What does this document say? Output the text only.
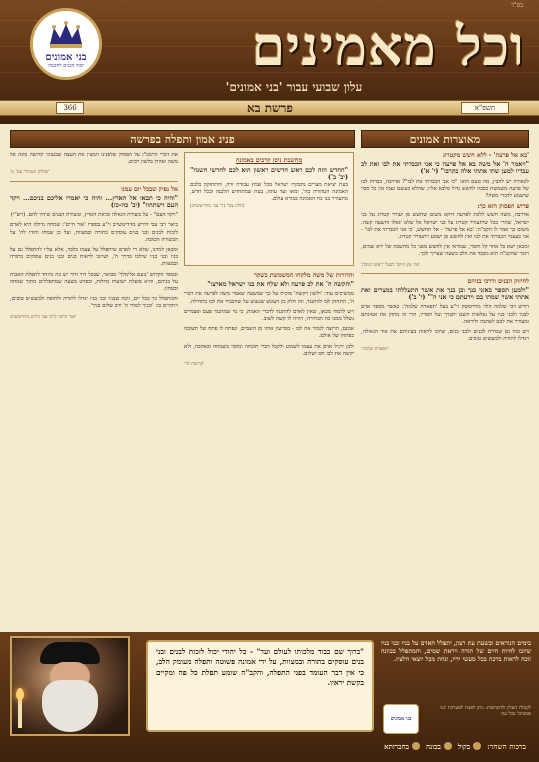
בס"ד
וכל מאמינים
עלון שבועי עבור 'בני אמונים'
בני אמונים
יסוד הבנים לחכמה
פרשת בא
366	תשפ"א
מאוצרות אמונים
פנינ אמון ותפלה בפרשה
'בא אל פרעה' - ללא חשש מקטרוג

"ויאמר ה' אל משה בא אל פרעה כי אני הכבדתי את לבו ואת לב עבדיו למען שתי אתתי אלה בקרבו" (י' א')

לכאורה יש להבין, מה טעם הוא: "כי אני הכבדתי את לבו"? אדרבה, כבדות לבו של פרעה משמשת כסבה לחשש גדול מלבא אליו, שהלא כעוצם זעמו אין כל סכוי שישמע לדברי משה?

פרוש הפסוק הוא כך:

אדרבה, משה חשש ללכת לפרעה דוקא משום שחשש פן יעורר קטרוג על בני ישראל, שהרי ככל שיתעורר קטרוג על בני ישראל אל שלא יגאלו והשעה קשה. משום כך אמר לו הקב"ה: 'בא אל פרעה' - אל תחשש, 'כי אני הכבדתי את לבו' - אני בעצמי הכבדתי את לבו ואין לחשש פן ישמע ויתעורר קטרוג.

ומכאן ישא כל אחד קל וחמר, שבודאי אין לחשש מפני כל מחשבה של ירא שמים, ויזכר שהקב"ה הוא מכבד את הלב בשעה שצריך לכך.

'פרי עץ חיים' לבעל 'ראש ישיבה'
לחיזוק הבנים ודרכי בניהם

"ולמען תספר באזני בנך ובן בנך את אשר התעללתי במצרים ואת אתתי אשר שמתי בם וידעתם כי אני ה'" (י' ב')

דורש רבי שלמה הלוי מרדומסק זי"ע בעל 'תפארת שלמה': כאשר מספר אדם לבניו ולבני בניו על נפלאות השם יתברך ועל חסדיו, הרי זה מחזק את אמונתם ומעורר את לבם לאהבה וליראה.

ויש בזה גם שמירה לבנים ולבני בנים, שיזכו לראות בעיניהם את אור הגאולה, ויגדלו לתורה ולמעשים טובים.

'תפארת שלמה'
מחשבת ניסן קרבים באמונה

"החדש הזה לכם ראש חדשים ראשון הוא לכם לחדשי השנה" (יב' ב')

בעת יציאת מצרים נתבקרו ישראל מכל שמץ עבודה זרה, והתחזקה בלבם האמונה הטהורה בה', ומאז ועד עתה, בעת שמתחדש הלבנה ובכל חדש, מתעורר בנו כח האמונה בבורא עולם.

'נחלת צבי' (ר' צבי מזידיטשויב)
והדורות של משה מלקחו המשמשת כשקר

"והקשה ה' את לב פרעה ולא שלח את בני ישראל מארצו"

ממשיכים עוד: 'ולשון ויקשה' מוכיח על כך שבשעה שאמר משה לפרעה את דברי ה', התחזק לבו להתנגד, וזה חלק מן העונש שנענש על שהכביד את לבו בתחילה.

ויש ללמוד מכאן, שאין לאדם להתנגד לדברי האמת, כי מי שמתנגד פעם ופעמיים נשלל ממנו כח הבחירה, ויהיה לו קשה לשוב.

אמנם, הרוצה לטהר את לבו - מסייעין אותו מן השמים, ונפתח לו פתח של תשובה כפתחו של אולם.

ולכן ירגיל אדם את עצמו לשמוע ולקבל דברי תוכחה ומוסר בשמחה ובאהבה, ולא יקשה את לבו חס ושלום.

'קדושת לוי'

את דברי הרמב"ן על הפסוק שלפנינו המצין את העצה שבעניני קדושה סוגה אל משה ואהרן בלשון רבים.

'שולחן הטהור' עמ' ט'
אל נפיק שבכל יום עמנו

"והיה כי תבאו אל הארץ... והיה כי יאמרו אליכם בניכם... ויקד העם וישתחוו" (יב' כה-כז)

"ויקד העם" - על בשורת הגאלה וביאת הארץ, ובשורת הבנים שיהיו להם. (רש"י)

ביאר רבי צבי הירש מזידיטשויב זי"ע בספרו 'אור חיים': שמחה גדולה היא לאדם לזכות לבנים ובני בנים עוסקים בתורה ובמצוות, ועל כן שמחו והודו לה' על הבשורה הטובה.

ומכאן למדנו, שלא די לאדם שיתפלל על עצמו בלבד, אלא עליו להתפלל גם על בניו ובני בניו שילכו בדרך ה', ושיזכו לראות בנים ובני בנים עוסקים בתורה ובמצוות.

ובספר הקדוש 'נועם אלימלך' מבואר, שבכל דור ודור יש כח מיוחד לתפלת האבות על בניהם, והיא פועלת ישועות גדולות, ובפרט בשעה שמתפללים מתוך שמחה ובטחון.

והמתפלל כך בכל יום, זוכה שבניו ובני בניו יגדלו לתורה ולחופה ולמעשים טובים, ויתקיים בו: 'ובניך למודי ה' ורב שלום בניך'.

'אור חיים' לרבי צבי הירש מזידיטשויב
"ברוך שם כבוד מלכותו לעולם ועד" - כל יהודי יכול לזכות לבנים ובני בנים עוסקים בתורה ובמצוות, על ידי אמונה פשוטה ותפלה מעומק הלב, כי אין דבר העומד בפני התפלה, והקב"ה שומע תפלת כל פה ומקיים בקשת יראיו.
בימים הנוראים ובשעת עת רצון, יתפלל האדם על בניו ובני בניו שיזכו לחיות חיים של תורה ויראת שמים, והמתפלל בכוונה זוכה לראות ברכה בכל מעשי ידיו, ונחת מכל יוצאי חלציו.
בני אמונים
לקבלת העלון ולהקדשות: ניתן לפנות למערכת 'בני אמונים' בכל עת
ברכות השחר:
בקול
בכונה
בחברותא
